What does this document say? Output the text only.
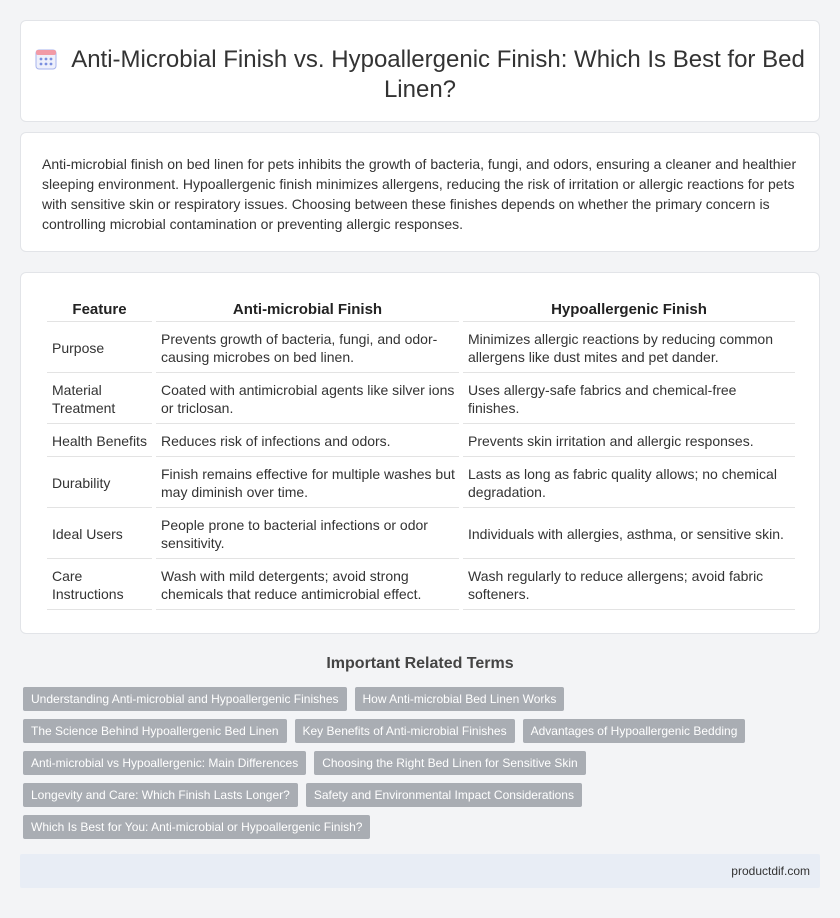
Anti-Microbial Finish vs. Hypoallergenic Finish: Which Is Best for Bed Linen?

Anti-microbial finish on bed linen for pets inhibits the growth of bacteria, fungi, and odors, ensuring a cleaner and healthier sleeping environment. Hypoallergenic finish minimizes allergens, reducing the risk of irritation or allergic reactions for pets with sensitive skin or respiratory issues. Choosing between these finishes depends on whether the primary concern is controlling microbial contamination or preventing allergic responses.

Feature	Anti-microbial Finish	Hypoallergenic Finish
Purpose	Prevents growth of bacteria, fungi, and odor-causing microbes on bed linen.	Minimizes allergic reactions by reducing common allergens like dust mites and pet dander.
Material Treatment	Coated with antimicrobial agents like silver ions or triclosan.	Uses allergy-safe fabrics and chemical-free finishes.
Health Benefits	Reduces risk of infections and odors.	Prevents skin irritation and allergic responses.
Durability	Finish remains effective for multiple washes but may diminish over time.	Lasts as long as fabric quality allows; no chemical degradation.
Ideal Users	People prone to bacterial infections or odor sensitivity.	Individuals with allergies, asthma, or sensitive skin.
Care Instructions	Wash with mild detergents; avoid strong chemicals that reduce antimicrobial effect.	Wash regularly to reduce allergens; avoid fabric softeners.
Important Related Terms
Understanding Anti-microbial and Hypoallergenic Finishes	How Anti-microbial Bed Linen Works
The Science Behind Hypoallergenic Bed Linen	Key Benefits of Anti-microbial Finishes	Advantages of Hypoallergenic Bedding
Anti-microbial vs Hypoallergenic: Main Differences	Choosing the Right Bed Linen for Sensitive Skin
Longevity and Care: Which Finish Lasts Longer?	Safety and Environmental Impact Considerations
Which Is Best for You: Anti-microbial or Hypoallergenic Finish?
productdif.com
